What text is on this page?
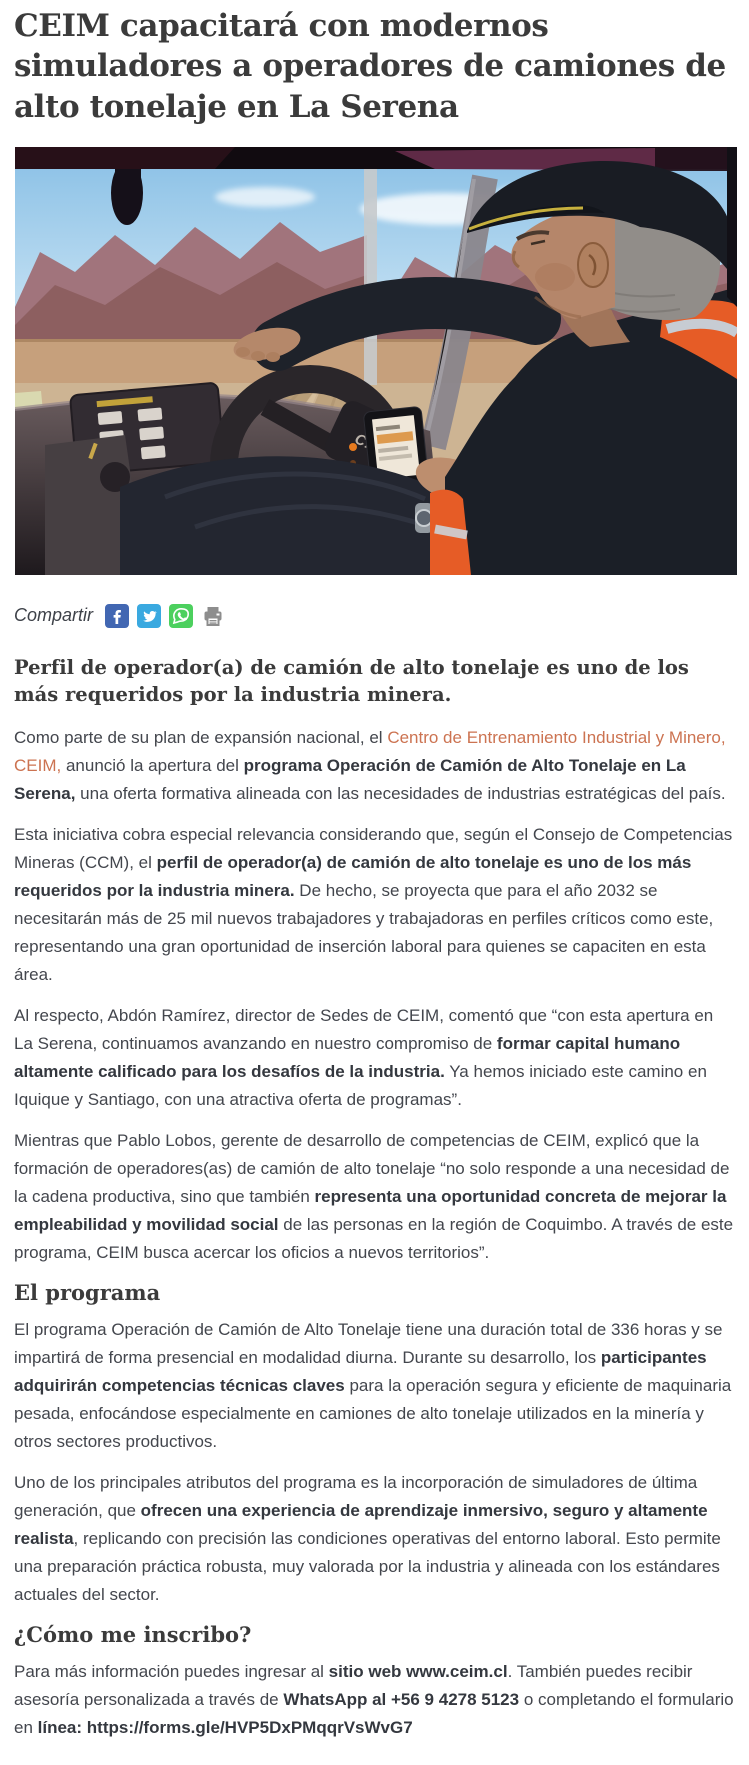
CEIM capacitará con modernos simuladores a operadores de camiones de alto tonelaje en La Serena
Compartir
Perfil de operador(a) de camión de alto tonelaje es uno de los más requeridos por la industria minera.

Como parte de su plan de expansión nacional, el Centro de Entrenamiento Industrial y Minero, CEIM, anunció la apertura del programa Operación de Camión de Alto Tonelaje en La Serena, una oferta formativa alineada con las necesidades de industrias estratégicas del país.

Esta iniciativa cobra especial relevancia considerando que, según el Consejo de Competencias Mineras (CCM), el perfil de operador(a) de camión de alto tonelaje es uno de los más requeridos por la industria minera. De hecho, se proyecta que para el año 2032 se necesitarán más de 25 mil nuevos trabajadores y trabajadoras en perfiles críticos como este, representando una gran oportunidad de inserción laboral para quienes se capaciten en esta área.

Al respecto, Abdón Ramírez, director de Sedes de CEIM, comentó que “con esta apertura en La Serena, continuamos avanzando en nuestro compromiso de formar capital humano altamente calificado para los desafíos de la industria. Ya hemos iniciado este camino en Iquique y Santiago, con una atractiva oferta de programas”.

Mientras que Pablo Lobos, gerente de desarrollo de competencias de CEIM, explicó que la formación de operadores(as) de camión de alto tonelaje “no solo responde a una necesidad de la cadena productiva, sino que también representa una oportunidad concreta de mejorar la empleabilidad y movilidad social de las personas en la región de Coquimbo. A través de este programa, CEIM busca acercar los oficios a nuevos territorios”.

El programa

El programa Operación de Camión de Alto Tonelaje tiene una duración total de 336 horas y se impartirá de forma presencial en modalidad diurna. Durante su desarrollo, los participantes adquirirán competencias técnicas claves para la operación segura y eficiente de maquinaria pesada, enfocándose especialmente en camiones de alto tonelaje utilizados en la minería y otros sectores productivos.

Uno de los principales atributos del programa es la incorporación de simuladores de última generación, que ofrecen una experiencia de aprendizaje inmersivo, seguro y altamente realista, replicando con precisión las condiciones operativas del entorno laboral. Esto permite una preparación práctica robusta, muy valorada por la industria y alineada con los estándares actuales del sector.

¿Cómo me inscribo?

Para más información puedes ingresar al sitio web www.ceim.cl. También puedes recibir asesoría personalizada a través de WhatsApp al +56 9 4278 5123 o completando el formulario en línea: https://forms.gle/HVP5DxPMqqrVsWvG7
